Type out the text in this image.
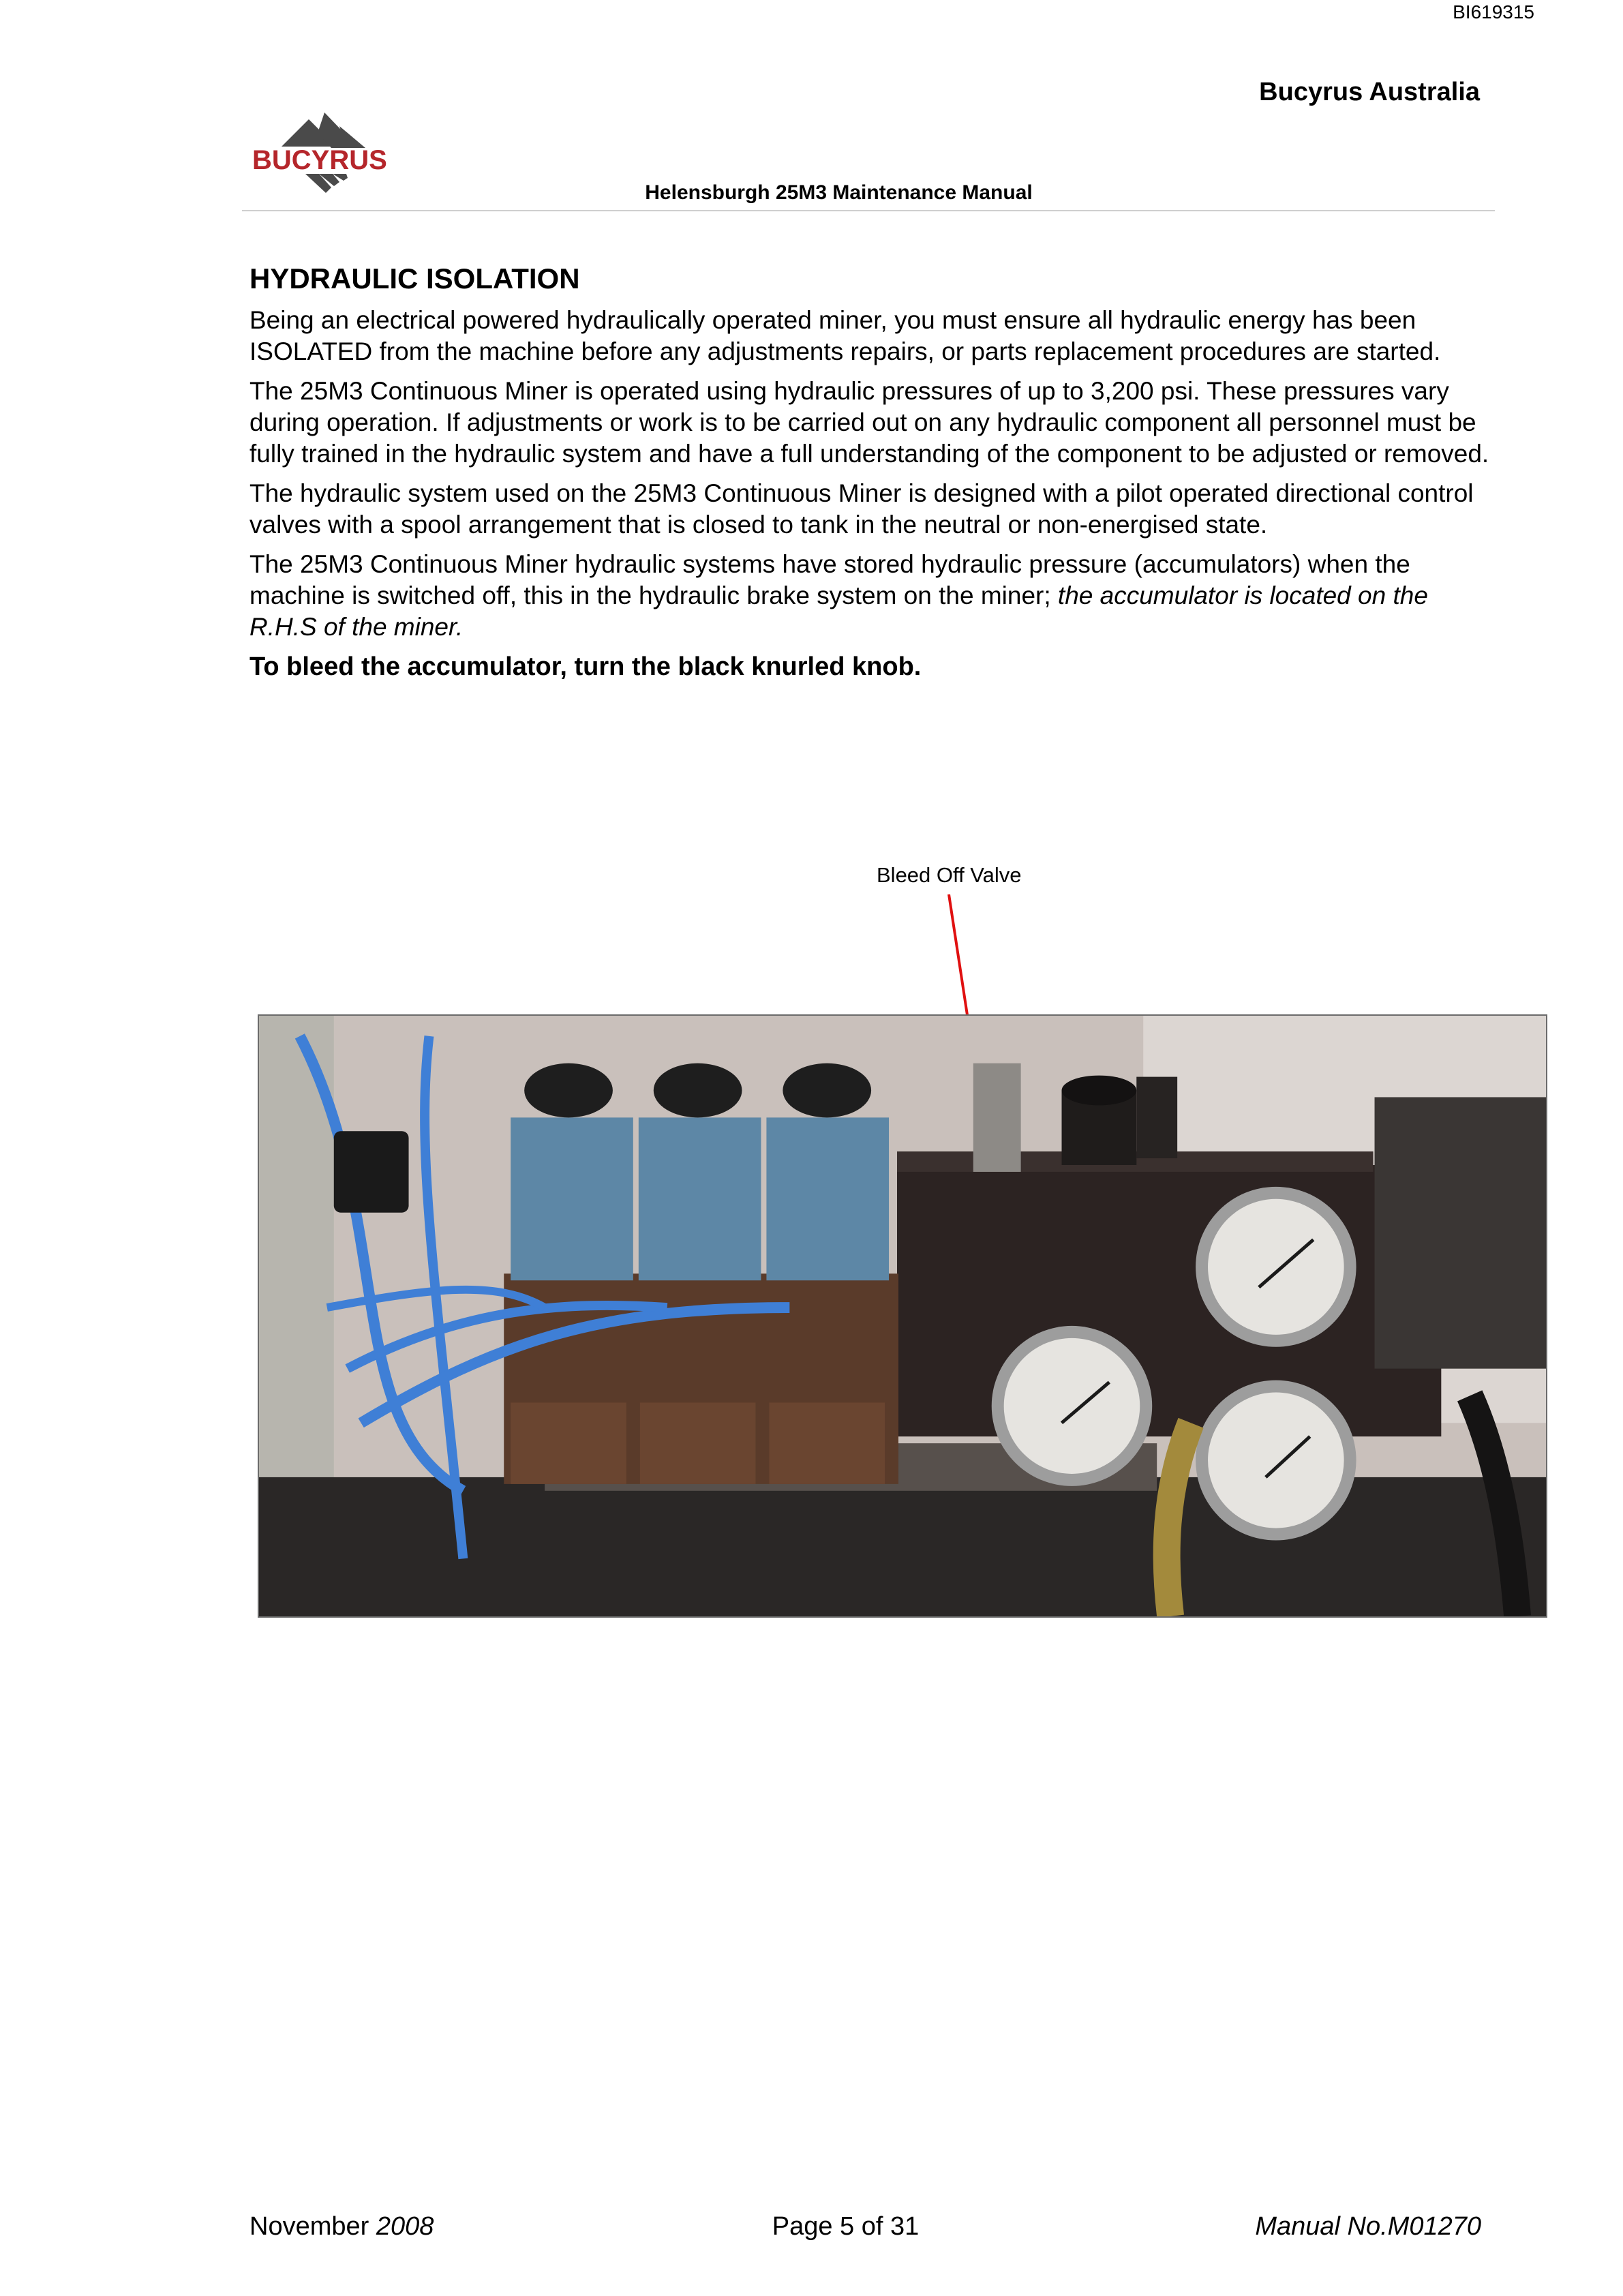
BI619315
Bucyrus Australia
BUCYRUS
Helensburgh 25M3 Maintenance Manual
HYDRAULIC ISOLATION

Being an electrical powered hydraulically operated miner, you must ensure all hydraulic energy has been ISOLATED from the machine before any adjustments repairs, or parts replacement procedures are started.

The 25M3 Continuous Miner is operated using hydraulic pressures of up to 3,200 psi. These pressures vary during operation. If adjustments or work is to be carried out on any hydraulic component all personnel must be fully trained in the hydraulic system and have a full understanding of the component to be adjusted or removed.

The hydraulic system used on the 25M3 Continuous Miner is designed with a pilot operated directional control valves with a spool arrangement that is closed to tank in the neutral or non-energised state.

The 25M3 Continuous Miner hydraulic systems have stored hydraulic pressure (accumulators) when the machine is switched off, this in the hydraulic brake system on the miner; the accumulator is located on the R.H.S of the miner.

To bleed the accumulator, turn the black knurled knob.

Bleed Off Valve
November 2008	Page 5 of 31	Manual No.M01270
